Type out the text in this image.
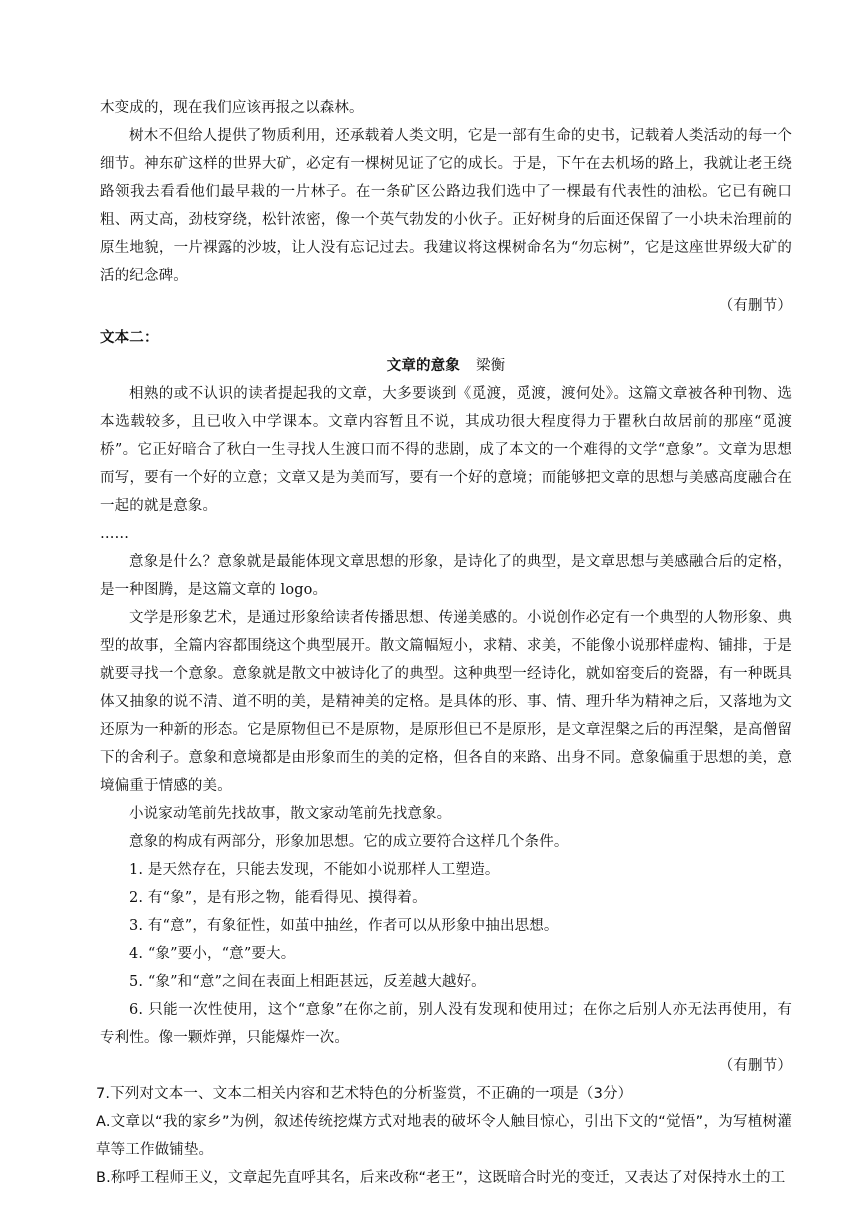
木变成的，现在我们应该再报之以森林。

树木不但给人提供了物质利用，还承载着人类文明，它是一部有生命的史书，记载着人类活动的每一个细节。神东矿这样的世界大矿，必定有一棵树见证了它的成长。于是，下午在去机场的路上，我就让老王绕路领我去看看他们最早栽的一片林子。在一条矿区公路边我们选中了一棵最有代表性的油松。它已有碗口粗、两丈高，劲枝穿绕，松针浓密，像一个英气勃发的小伙子。正好树身的后面还保留了一小块未治理前的原生地貌，一片裸露的沙坡，让人没有忘记过去。我建议将这棵树命名为“勿忘树”，它是这座世界级大矿的活的纪念碑。

（有删节）

文本二：

文章的意象 梁衡

相熟的或不认识的读者提起我的文章，大多要谈到《觅渡，觅渡，渡何处》。这篇文章被各种刊物、选本选载较多，且已收入中学课本。文章内容暂且不说，其成功很大程度得力于瞿秋白故居前的那座“觅渡桥”。它正好暗合了秋白一生寻找人生渡口而不得的悲剧，成了本文的一个难得的文学“意象”。文章为思想而写，要有一个好的立意；文章又是为美而写，要有一个好的意境；而能够把文章的思想与美感高度融合在一起的就是意象。

……

意象是什么？意象就是最能体现文章思想的形象，是诗化了的典型，是文章思想与美感融合后的定格，是一种图腾，是这篇文章的 logo。

文学是形象艺术，是通过形象给读者传播思想、传递美感的。小说创作必定有一个典型的人物形象、典型的故事，全篇内容都围绕这个典型展开。散文篇幅短小，求精、求美，不能像小说那样虚构、铺排，于是就要寻找一个意象。意象就是散文中被诗化了的典型。这种典型一经诗化，就如窑变后的瓷器，有一种既具体又抽象的说不清、道不明的美，是精神美的定格。是具体的形、事、情、理升华为精神之后，又落地为文还原为一种新的形态。它是原物但已不是原物，是原形但已不是原形，是文章涅槃之后的再涅槃，是高僧留下的舍利子。意象和意境都是由形象而生的美的定格，但各自的来路、出身不同。意象偏重于思想的美，意境偏重于情感的美。

小说家动笔前先找故事，散文家动笔前先找意象。

意象的构成有两部分，形象加思想。它的成立要符合这样几个条件。

1. 是天然存在，只能去发现，不能如小说那样人工塑造。

2. 有“象”，是有形之物，能看得见、摸得着。

3. 有“意”，有象征性，如茧中抽丝，作者可以从形象中抽出思想。

4. “象”要小，“意”要大。

5. “象”和“意”之间在表面上相距甚远，反差越大越好。

6. 只能一次性使用，这个“意象”在你之前，别人没有发现和使用过；在你之后别人亦无法再使用，有专利性。像一颗炸弹，只能爆炸一次。

（有删节）

7.下列对文本一、文本二相关内容和艺术特色的分析鉴赏，不正确的一项是（3分）

A.文章以“我的家乡”为例，叙述传统挖煤方式对地表的破坏令人触目惊心，引出下文的“觉悟”，为写植树灌草等工作做铺垫。

B.称呼工程师王义，文章起先直呼其名，后来改称“老王”，这既暗合时光的变迁，又表达了对保持水土的工
